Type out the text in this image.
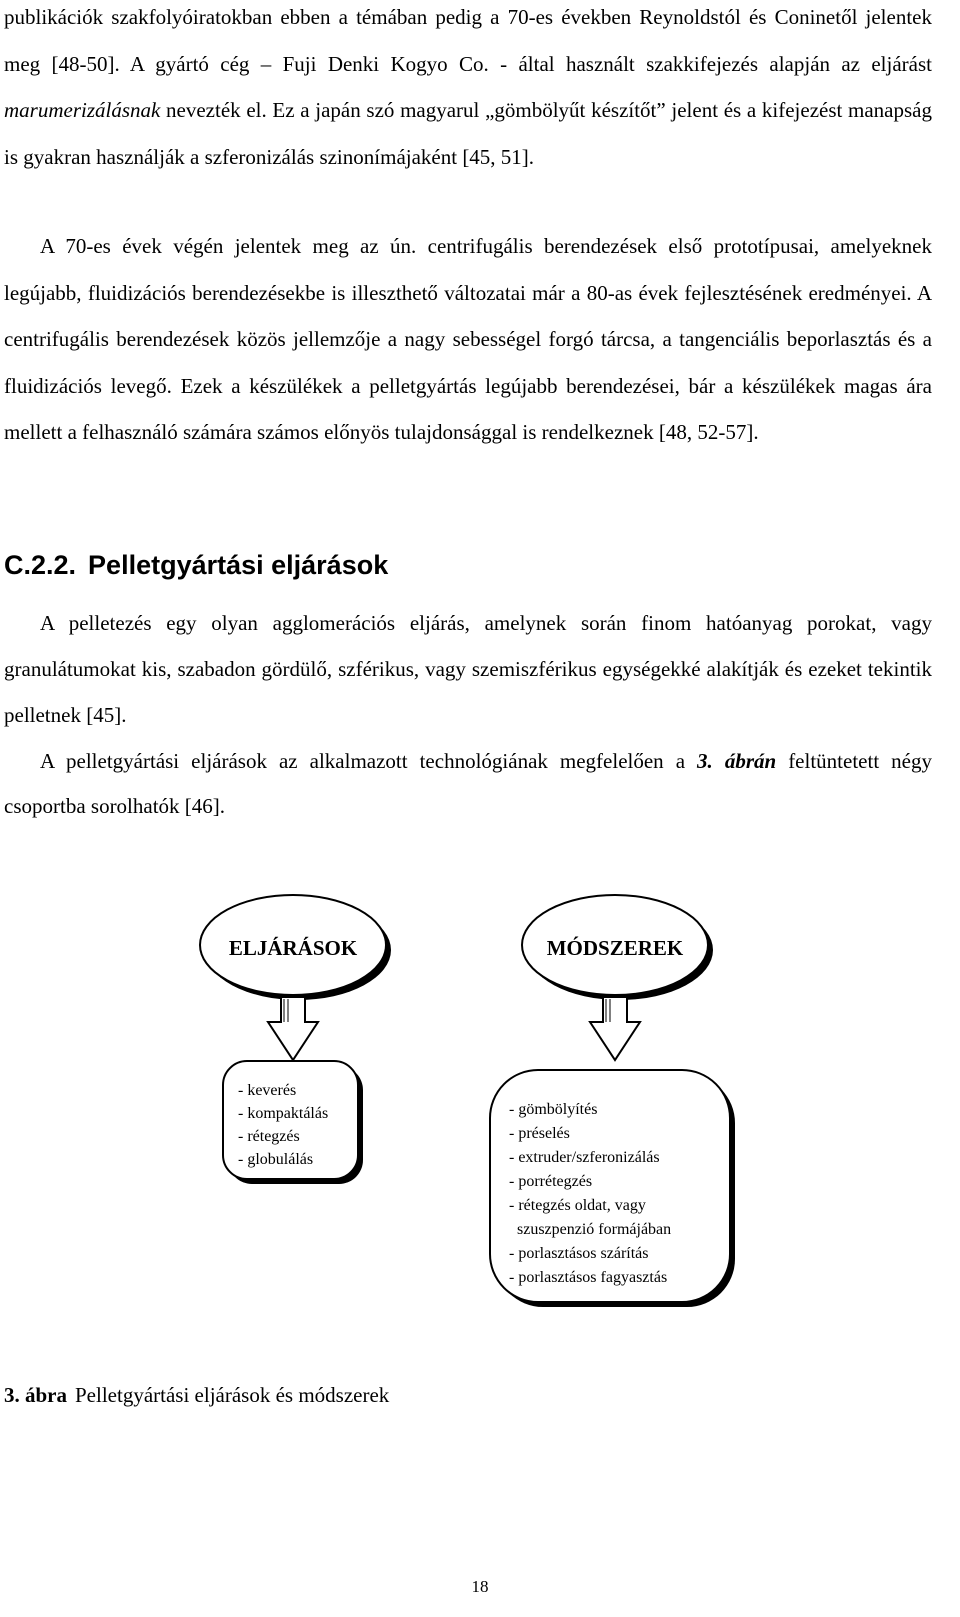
publikációk szakfolyóiratokban ebben a témában pedig a 70-es években Reynoldstól és Coninetől jelentek meg [48-50]. A gyártó cég – Fuji Denki Kogyo Co. - által használt szakkifejezés alapján az eljárást marumerizálásnak nevezték el. Ez a japán szó magyarul „gömbölyűt készítőt” jelent és a kifejezést manapság is gyakran használják a szferonizálás szinonímájaként [45, 51].

A 70-es évek végén jelentek meg az ún. centrifugális berendezések első prototípusai, amelyeknek legújabb, fluidizációs berendezésekbe is illeszthető változatai már a 80-as évek fejlesztésének eredményei. A centrifugális berendezések közös jellemzője a nagy sebességel forgó tárcsa, a tangenciális beporlasztás és a fluidizációs levegő. Ezek a készülékek a pelletgyártás legújabb berendezései, bár a készülékek magas ára mellett a felhasználó számára számos előnyös tulajdonsággal is rendelkeznek [48, 52-57].

C.2.2. Pelletgyártási eljárások

A pelletezés egy olyan agglomerációs eljárás, amelynek során finom hatóanyag porokat, vagy granulátumokat kis, szabadon gördülő, szférikus, vagy szemiszférikus egységekké alakítják és ezeket tekintik pelletnek [45].

A pelletgyártási eljárások az alkalmazott technológiának megfelelően a 3. ábrán feltüntetett négy csoportba sorolhatók [46].

ELJÁRÁSOK	MÓDSZEREK
- keverés
- kompaktálás
- rétegzés
- globulálás
- gömbölyítés
- préselés
- extruder/szferonizálás
- porrétegzés
- rétegzés oldat, vagy
szuszpenzió formájában
- porlasztásos szárítás
- porlasztásos fagyasztás

3. ábra Pelletgyártási eljárások és módszerek

18
